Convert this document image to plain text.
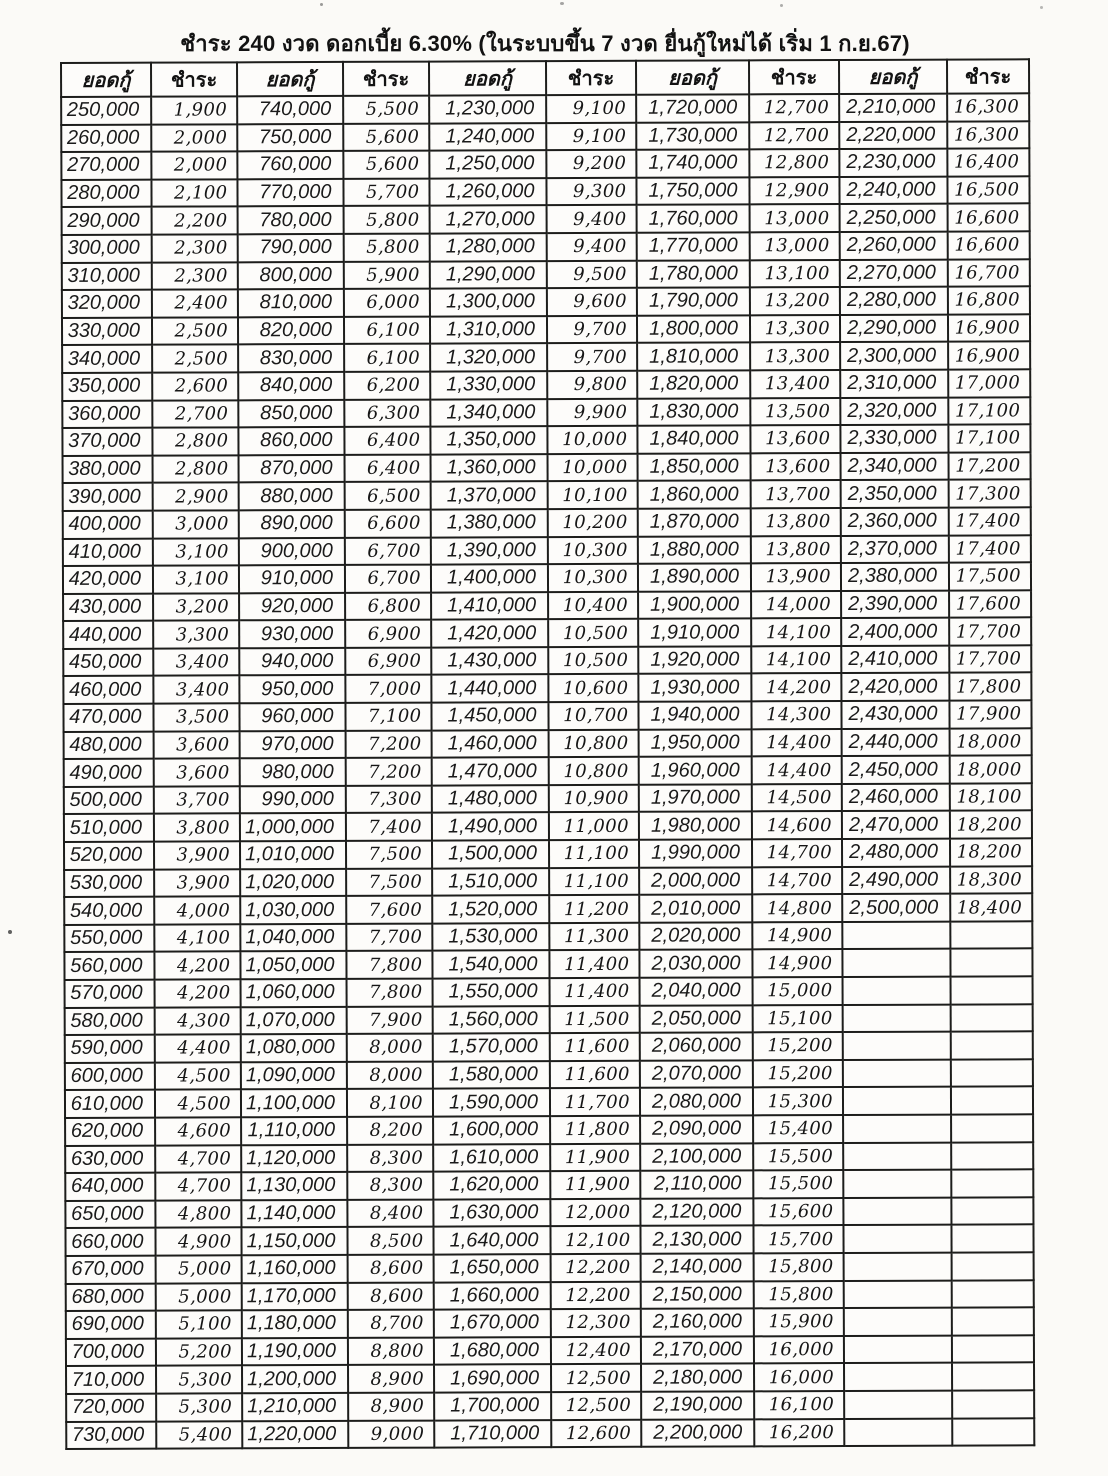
ชำระ 240 งวด ดอกเบี้ย 6.30% (ในระบบขึ้น 7 งวด ยื่นกู้ใหม่ได้ เริ่ม 1 ก.ย.67)
ยอดกู้	ชำระ	ยอดกู้	ชำระ	ยอดกู้	ชำระ	ยอดกู้	ชำระ	ยอดกู้	ชำระ
250,000	1,900	740,000	5,500	1,230,000	9,100	1,720,000	12,700	2,210,000	16,300
260,000	2,000	750,000	5,600	1,240,000	9,100	1,730,000	12,700	2,220,000	16,300
270,000	2,000	760,000	5,600	1,250,000	9,200	1,740,000	12,800	2,230,000	16,400
280,000	2,100	770,000	5,700	1,260,000	9,300	1,750,000	12,900	2,240,000	16,500
290,000	2,200	780,000	5,800	1,270,000	9,400	1,760,000	13,000	2,250,000	16,600
300,000	2,300	790,000	5,800	1,280,000	9,400	1,770,000	13,000	2,260,000	16,600
310,000	2,300	800,000	5,900	1,290,000	9,500	1,780,000	13,100	2,270,000	16,700
320,000	2,400	810,000	6,000	1,300,000	9,600	1,790,000	13,200	2,280,000	16,800
330,000	2,500	820,000	6,100	1,310,000	9,700	1,800,000	13,300	2,290,000	16,900
340,000	2,500	830,000	6,100	1,320,000	9,700	1,810,000	13,300	2,300,000	16,900
350,000	2,600	840,000	6,200	1,330,000	9,800	1,820,000	13,400	2,310,000	17,000
360,000	2,700	850,000	6,300	1,340,000	9,900	1,830,000	13,500	2,320,000	17,100
370,000	2,800	860,000	6,400	1,350,000	10,000	1,840,000	13,600	2,330,000	17,100
380,000	2,800	870,000	6,400	1,360,000	10,000	1,850,000	13,600	2,340,000	17,200
390,000	2,900	880,000	6,500	1,370,000	10,100	1,860,000	13,700	2,350,000	17,300
400,000	3,000	890,000	6,600	1,380,000	10,200	1,870,000	13,800	2,360,000	17,400
410,000	3,100	900,000	6,700	1,390,000	10,300	1,880,000	13,800	2,370,000	17,400
420,000	3,100	910,000	6,700	1,400,000	10,300	1,890,000	13,900	2,380,000	17,500
430,000	3,200	920,000	6,800	1,410,000	10,400	1,900,000	14,000	2,390,000	17,600
440,000	3,300	930,000	6,900	1,420,000	10,500	1,910,000	14,100	2,400,000	17,700
450,000	3,400	940,000	6,900	1,430,000	10,500	1,920,000	14,100	2,410,000	17,700
460,000	3,400	950,000	7,000	1,440,000	10,600	1,930,000	14,200	2,420,000	17,800
470,000	3,500	960,000	7,100	1,450,000	10,700	1,940,000	14,300	2,430,000	17,900
480,000	3,600	970,000	7,200	1,460,000	10,800	1,950,000	14,400	2,440,000	18,000
490,000	3,600	980,000	7,200	1,470,000	10,800	1,960,000	14,400	2,450,000	18,000
500,000	3,700	990,000	7,300	1,480,000	10,900	1,970,000	14,500	2,460,000	18,100
510,000	3,800	1,000,000	7,400	1,490,000	11,000	1,980,000	14,600	2,470,000	18,200
520,000	3,900	1,010,000	7,500	1,500,000	11,100	1,990,000	14,700	2,480,000	18,200
530,000	3,900	1,020,000	7,500	1,510,000	11,100	2,000,000	14,700	2,490,000	18,300
540,000	4,000	1,030,000	7,600	1,520,000	11,200	2,010,000	14,800	2,500,000	18,400
550,000	4,100	1,040,000	7,700	1,530,000	11,300	2,020,000	14,900		
560,000	4,200	1,050,000	7,800	1,540,000	11,400	2,030,000	14,900		
570,000	4,200	1,060,000	7,800	1,550,000	11,400	2,040,000	15,000		
580,000	4,300	1,070,000	7,900	1,560,000	11,500	2,050,000	15,100		
590,000	4,400	1,080,000	8,000	1,570,000	11,600	2,060,000	15,200		
600,000	4,500	1,090,000	8,000	1,580,000	11,600	2,070,000	15,200		
610,000	4,500	1,100,000	8,100	1,590,000	11,700	2,080,000	15,300		
620,000	4,600	1,110,000	8,200	1,600,000	11,800	2,090,000	15,400		
630,000	4,700	1,120,000	8,300	1,610,000	11,900	2,100,000	15,500		
640,000	4,700	1,130,000	8,300	1,620,000	11,900	2,110,000	15,500		
650,000	4,800	1,140,000	8,400	1,630,000	12,000	2,120,000	15,600		
660,000	4,900	1,150,000	8,500	1,640,000	12,100	2,130,000	15,700		
670,000	5,000	1,160,000	8,600	1,650,000	12,200	2,140,000	15,800		
680,000	5,000	1,170,000	8,600	1,660,000	12,200	2,150,000	15,800		
690,000	5,100	1,180,000	8,700	1,670,000	12,300	2,160,000	15,900		
700,000	5,200	1,190,000	8,800	1,680,000	12,400	2,170,000	16,000		
710,000	5,300	1,200,000	8,900	1,690,000	12,500	2,180,000	16,000		
720,000	5,300	1,210,000	8,900	1,700,000	12,500	2,190,000	16,100		
730,000	5,400	1,220,000	9,000	1,710,000	12,600	2,200,000	16,200		
